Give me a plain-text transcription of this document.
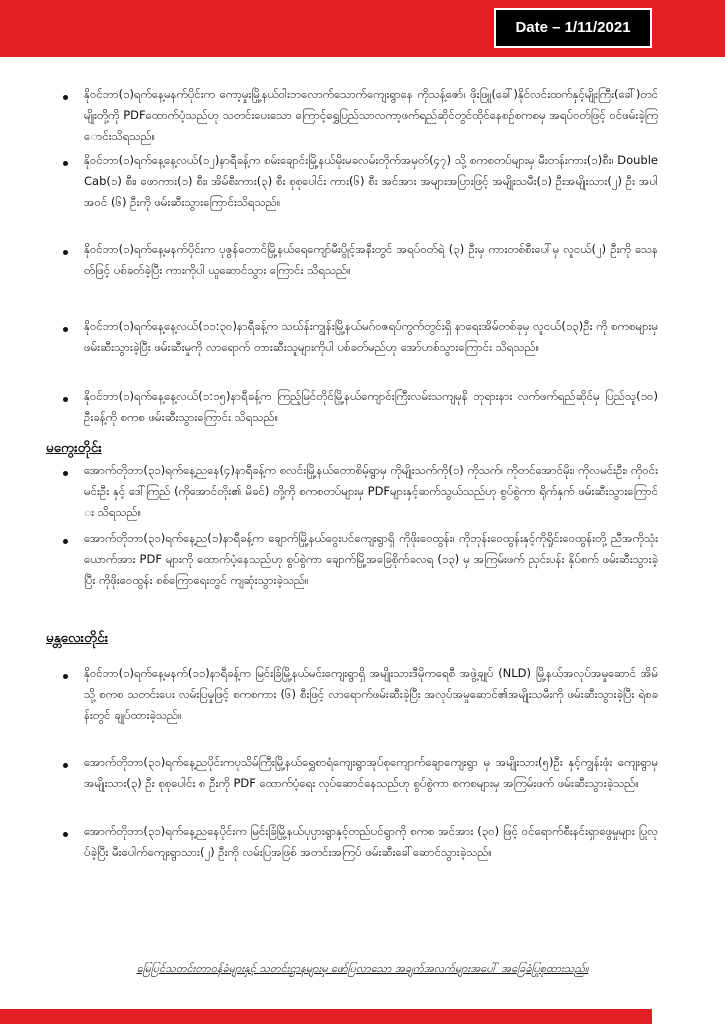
Date – 1/11/2021

နိုဝင်ဘာ(၁)ရက်နေ့မနက်ပိုင်းက ကော့မှုးမြို့နယ်ဝါးဘလောက်သောက်ကျေးရွာနေ ကိုသန့်ဇော်၊ ဖိုးဖြူ(ခေါ်)နိုင်လင်းထက်နှင့်မျိုးကြီး(ခေါ်)တင်မျိုးတို့ကို PDFထောက်ပံ့သည်ဟု သတင်းပေးသော ကြောင့်ရွှေပြည်သာလကာ့ဖက်ရည်ဆိုင်တွင်ထိုင်နေစဉ်စကစမှ အရပ်ဝတ်ဖြင့် ဝင်ဖမ်းခဲ့ကြောင်းသိရသည်။

နိုဝင်ဘာ(၁)ရက်နေ့နေ့လယ်(၁၂)နာရီခန့်က စမ်းချောင်းမြို့နယ်မိုးမခလမ်းတိုက်အမှတ်(၄၇) သို့ စကစတပ်များမှ မီးတန်းကား(၁)စီး၊ Double Cab(၁) စီး၊ ဖောကား(၁) စီး၊ အိမ်စီးကား(၃) စီး စုစုပေါင်း ကား(၆) စီး အင်အား အများအပြားဖြင့် အမျိုးသမီး(၁) ဦးအမျိုးသား(၂) ဦး အပါအဝင် (၆) ဦးကို ဖမ်းဆီးသွားကြောင်းသိရသည်။

နိုဝင်ဘာ(၁)ရက်နေ့မနက်ပိုင်းက ပုဇွန်တောင်မြို့နယ်ရေကျော်မီးပွိုင့်အနီးတွင် အရပ်ဝတ်ရဲ (၃) ဦးမှ ကားတစ်စီးပေါ်မှ လူငယ်(၂) ဦးကို သေနတ်ဖြင့် ပစ်ခတ်ခဲ့ပြီး ကားကိုပါ ယူဆောင်သွား ကြောင်း သိရသည်။

နိုဝင်ဘာ(၁)ရက်နေ့နေ့လယ်(၁၁:၃၀)နာရီခန့်က သဃ်န်းကျွန်းမြို့နယ်မဂ်ဝဇရပ်ကွက်တွင်းရှိ နာရေးအိမ်တစ်ခုမှ လူငယ်(၁၃)ဦး ကို စကစများမှ ဖမ်းဆီးသွားခဲ့ပြီး ဖမ်းဆီးမှုကို လာရောက် တားဆီးသူများကိုပါ ပစ်ခတ်မည်ဟု အော်ဟစ်သွားကြောင်း သိရသည်။

နိုဝင်ဘာ(၁)ရက်နေ့နေ့လယ်(၁:၁၅)နာရီခန့်က ကြည့်မြင်တိုင်မြို့နယ်ကျောင်းကြီးလမ်းသကျမုနိ ဘုရားနား လက်ဖက်ရည်ဆိုင်မှ ပြည်သူ(၁၀) ဦးခန့်ကို စကစ ဖမ်းဆီးသွားကြောင်း သိရသည်။

မကွေးတိုင်း

အောက်တိုဘာ(၃၁)ရက်နေ့ညနေ(၄)နာရီခန့်က စလင်းမြို့နယ်တောစိမ့်ရွာမှ ကိုမျိုးသက်ကို(၁) ကိုသက်၊ ကိုတင်အောင်မိုး၊ ကိုလမင်းဦး၊ ကိုဝင်းမင်းဦး နှင့် ဒေါ်ကြည် (ကိုအောင်တိုး၏ မိခင်) တို့ကို စကစတပ်များမှ PDFများနှင့်ဆက်သွယ်သည်ဟု စွပ်စွဲကာ ရိုက်နှက် ဖမ်းဆီးသွားကြောင်း သိရသည်။

အောက်တိုဘာ(၃၁)ရက်နေ့ည(၁)နာရီခန့်က ချောက်မြို့နယ်ဝွေးပင်ကျေးရွာရှိ ကိုဖိုးဝေထွန်း၊ ကိုဘုန်းဝေထွန်းနှင့်ကိုရှိုင်းဝေထွန်းတို့ ညီအကိုသုံးယောက်အား PDF များကို ထောက်ပံ့နေသည်ဟု စွပ်စွဲကာ ချောက်မြို့အခြေစိုက်ခလရ (၁၃) မှ အကြမ်းဖက် ညှင်းပန်း နှိပ်စက် ဖမ်းဆီးသွားခဲ့ပြီး ကိုဖိုးဝေထွန်း စစ်ကြောရေးတွင် ကျဆုံးသွားခဲ့သည်။

မန္တလေးတိုင်း

နိုဝင်ဘာ(၁)ရက်နေ့မနက်(၁၁)နာရီခန့်က မြင်းခြံမြို့နယ်မင်းကျေးရွာရှိ အမျိုးသားဒီမိုကရေစီ အဖွဲ့ချုပ် (NLD) မြို့နယ်အလုပ်အမှုဆောင် အိမ်သို့ စကစ သတင်းပေး လမ်းပြမှုဖြင့် စကစကား (၆) စီးဖြင့် လာရောက်ဖမ်းဆီးခဲ့ပြီး အလုပ်အမှုဆောင်၏အမျိုးသမီးကို ဖမ်းဆီးသွားခဲ့ပြီး ရဲစခန်းတွင် ချုပ်ထားခဲ့သည်။

အောက်တိုဘာ(၃၁)ရက်နေ့ညပိုင်းကပုသိမ်ကြီးမြို့နယ်ရွှေစာရံကျေးရွာအုပ်စုကျောက်ချောကျေးရွာ မှ အမျိုးသား(၅)ဦး နှင့်ကျွန်းဖုံး ကျေးရွာမှ အမျိုးသား(၃) ဦး စုစုပေါင်း ၈ ဦးကို PDF ထောက်ပံ့ရေး လုပ်ဆောင်နေသည်ဟု စွပ်စွဲကာ စကစများမှ အကြမ်းဖက် ဖမ်းဆီးသွားခဲ့သည်။

အောက်တိုဘာ(၃၁)ရက်နေ့ညနေပိုင်းက မြင်းခြံမြို့နယ်ပုပ္ပားရွာနှင့်တည်ပင်ရွာကို စကစ အင်အား (၃၀) ဖြင့် ဝင်ရောက်စီးနင်းရှာဖွေမှုများ ပြုလုပ်ခဲ့ပြီး မီးပေါက်ကျေးရွာသား(၂) ဦးကို လမ်းပြအဖြစ် အတင်းအကြပ် ဖမ်းဆီးခေါ်ဆောင်သွားခဲ့သည်။

မြေပြင်သတင်းတာဝန်ခံများနှင့် သတင်းဌာနများမှ ဖော်ပြလာသော အချက်အလက်များအပေါ် အခြေခံပြုစုထားသည်။
